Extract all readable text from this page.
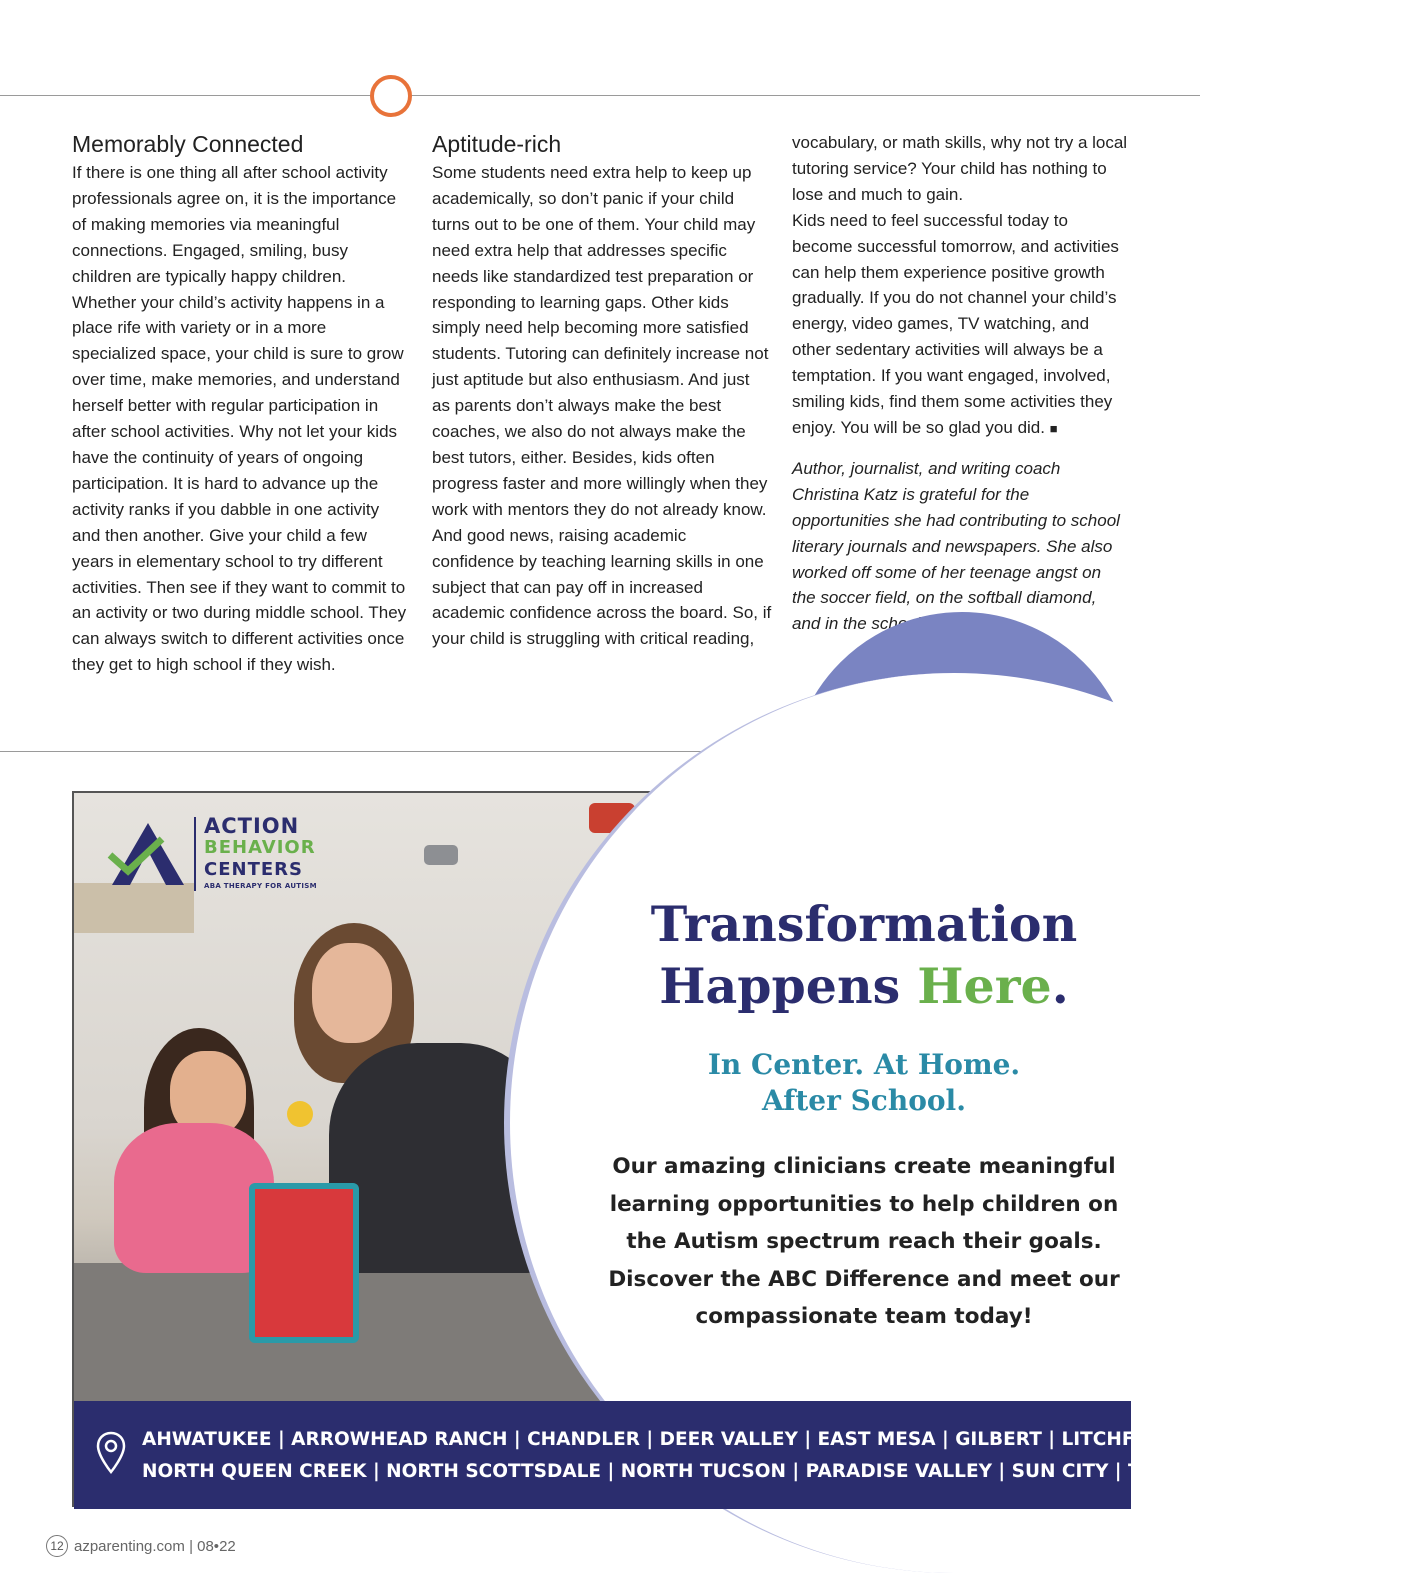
Memorably Connected

If there is one thing all after school activity professionals agree on, it is the importance of making memories via meaningful connections. Engaged, smiling, busy children are typically happy children. Whether your child’s activity happens in a place rife with variety or in a more specialized space, your child is sure to grow over time, make memories, and understand herself better with regular participation in after school activities. Why not let your kids have the continuity of years of ongoing participation. It is hard to advance up the activity ranks if you dabble in one activity and then another. Give your child a few years in elementary school to try different activities. Then see if they want to commit to an activity or two during middle school. They can always switch to different activities once they get to high school if they wish.

Aptitude-rich

Some students need extra help to keep up academically, so don’t panic if your child turns out to be one of them. Your child may need extra help that addresses specific needs like standardized test preparation or responding to learning gaps. Other kids simply need help becoming more satisfied students. Tutoring can definitely increase not just aptitude but also enthusiasm. And just as parents don’t always make the best coaches, we also do not always make the best tutors, either. Besides, kids often progress faster and more willingly when they work with mentors they do not already know. And good news, raising academic confidence by teaching learning skills in one subject that can pay off in increased academic confidence across the board. So, if your child is struggling with critical reading,

vocabulary, or math skills, why not try a local tutoring service? Your child has nothing to lose and much to gain.

Kids need to feel successful today to become successful tomorrow, and activities can help them experience positive growth gradually. If you do not channel your child’s energy, video games, TV watching, and other sedentary activities will always be a temptation. If you want engaged, involved, smiling kids, find them some activities they enjoy. You will be so glad you did. ■

Author, journalist, and writing coach Christina Katz is grateful for the opportunities she had contributing to school literary journals and newspapers. She also worked off some of her teenage angst on the soccer field, on the softball diamond, and in the school pool.

ACTION
BEHAVIOR
CENTERS
ABA THERAPY FOR AUTISM
Transformation
Happens Here.
In Center. At Home.
After School.
Our amazing clinicians create meaningful
learning opportunities to help children on
the Autism spectrum reach their goals.
Discover the ABC Difference and meet our
compassionate team today!
AHWATUKEE | ARROWHEAD RANCH | CHANDLER | DEER VALLEY | EAST MESA | GILBERT | LITCHFIELD PARK
NORTH QUEEN CREEK | NORTH SCOTTSDALE | NORTH TUCSON | PARADISE VALLEY | SUN CITY | TEMPE
12 azparenting.com | 08•22
